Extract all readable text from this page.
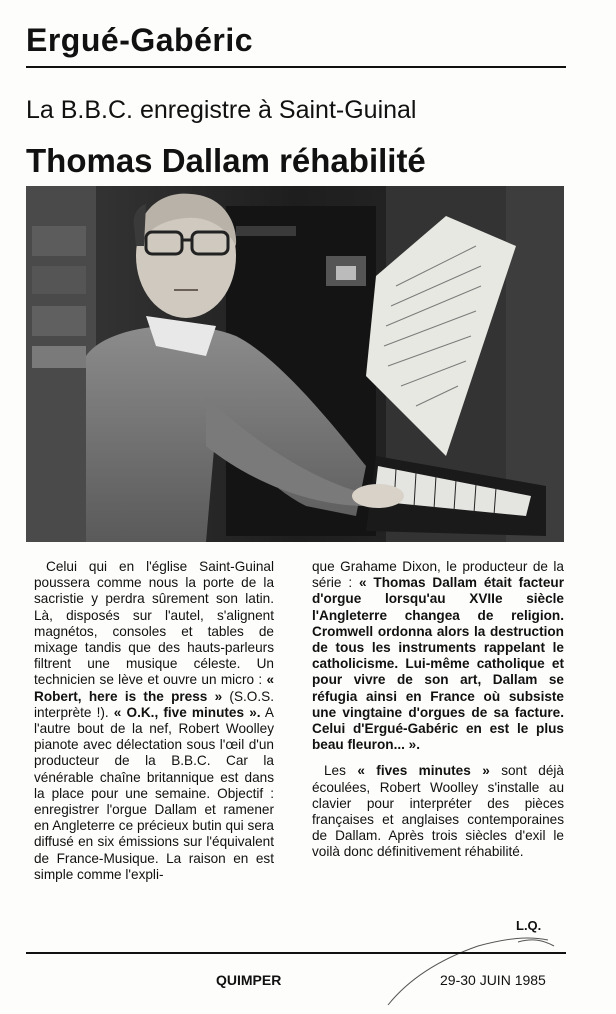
Ergué-Gabéric
La B.B.C. enregistre à Saint-Guinal
Thomas Dallam réhabilité

Celui qui en l'église Saint-Guinal poussera comme nous la porte de la sacristie y perdra sûrement son latin. Là, disposés sur l'autel, s'alignent magnétos, consoles et tables de mixage tandis que des hauts-parleurs filtrent une musique céleste. Un technicien se lève et ouvre un micro : « Robert, here is the press » (S.O.S. interprète !). « O.K., five minutes ». A l'autre bout de la nef, Robert Woolley pianote avec délectation sous l'œil d'un producteur de la B.B.C. Car la vénérable chaîne britannique est dans la place pour une semaine. Objectif : enregistrer l'orgue Dallam et ramener en Angleterre ce précieux butin qui sera diffusé en six émissions sur l'équivalent de France-Musique. La raison en est simple comme l'expli-

que Grahame Dixon, le producteur de la série : « Thomas Dallam était facteur d'orgue lorsqu'au XVIIe siècle l'Angleterre changea de religion. Cromwell ordonna alors la destruction de tous les instruments rappelant le catholicisme. Lui-même catholique et pour vivre de son art, Dallam se réfugia ainsi en France où subsiste une vingtaine d'orgues de sa facture. Celui d'Ergué-Gabéric en est le plus beau fleuron... ».

Les « fives minutes » sont déjà écoulées, Robert Woolley s'installe au clavier pour interpréter des pièces françaises et anglaises contemporaines de Dallam. Après trois siècles d'exil le voilà donc définitivement réhabilité.

L.Q.
QUIMPER	29-30 JUIN 1985
